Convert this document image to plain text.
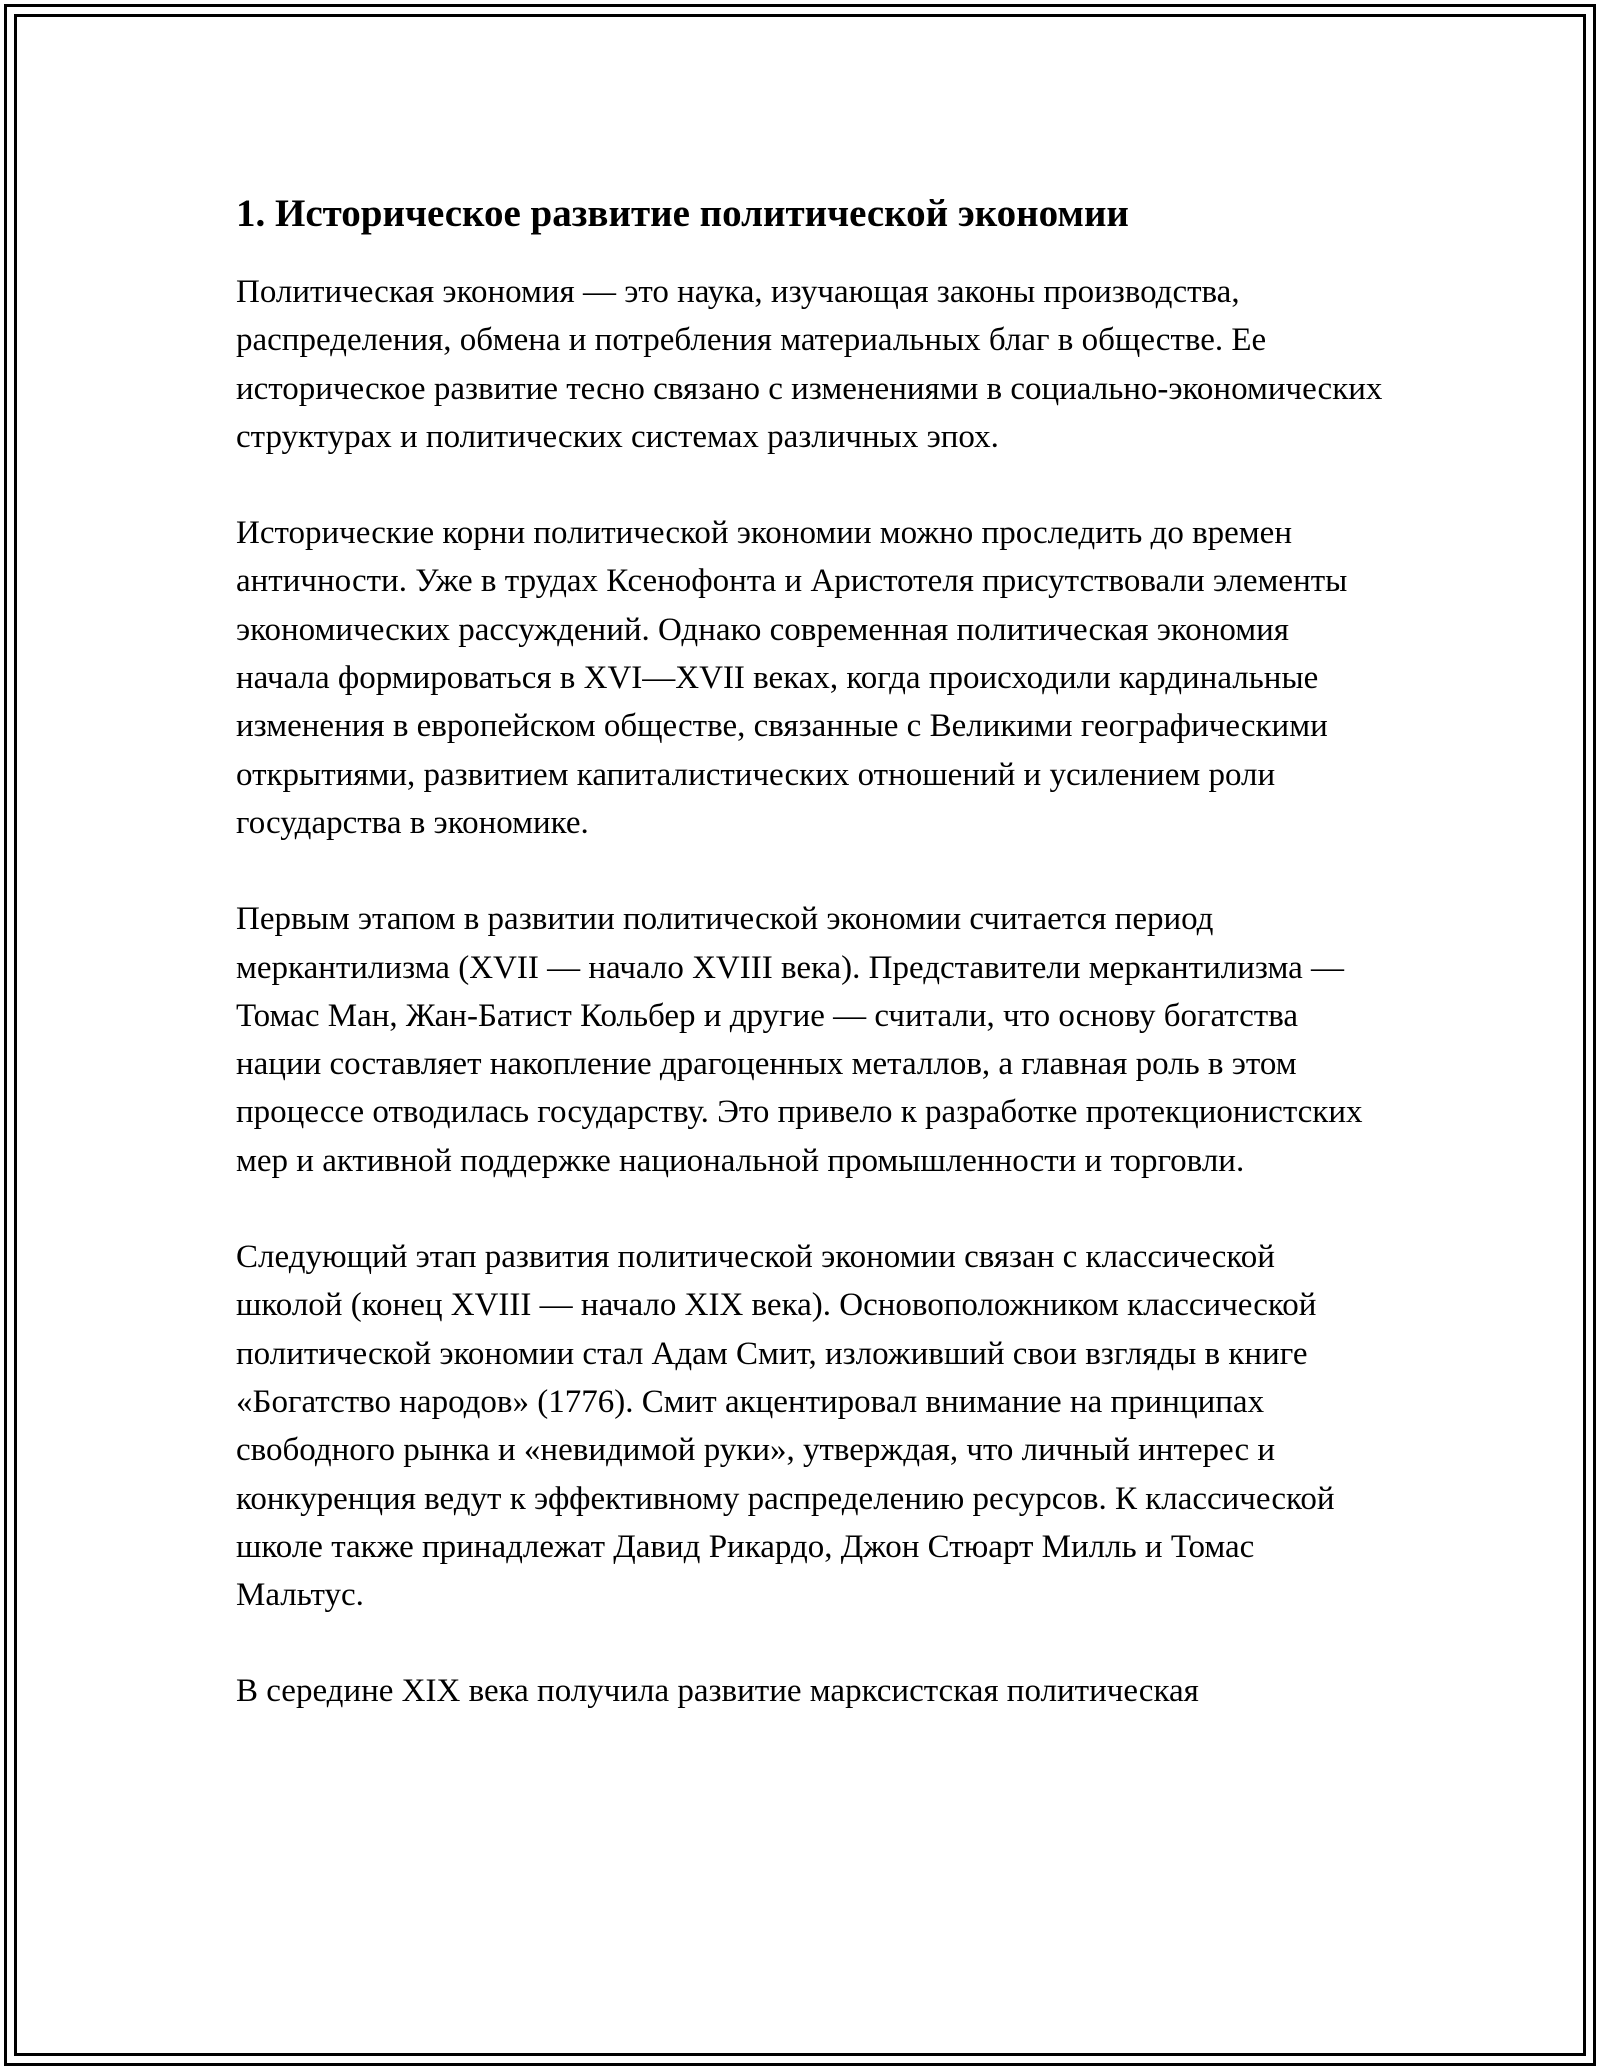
1. Историческое развитие политической экономии

Политическая экономия — это наука, изучающая законы производства, распределения, обмена и потребления материальных благ в обществе. Ее историческое развитие тесно связано с изменениями в социально-экономических структурах и политических системах различных эпох.

Исторические корни политической экономии можно проследить до времен античности. Уже в трудах Ксенофонта и Аристотеля присутствовали элементы экономических рассуждений. Однако современная политическая экономия начала формироваться в XVI—XVII веках, когда происходили кардинальные изменения в европейском обществе, связанные с Великими географическими открытиями, развитием капиталистических отношений и усилением роли государства в экономике.

Первым этапом в развитии политической экономии считается период меркантилизма (XVII — начало XVIII века). Представители меркантилизма — Томас Ман, Жан-Батист Кольбер и другие — считали, что основу богатства нации составляет накопление драгоценных металлов, а главная роль в этом процессе отводилась государству. Это привело к разработке протекционистских мер и активной поддержке национальной промышленности и торговли.

Следующий этап развития политической экономии связан с классической школой (конец XVIII — начало XIX века). Основоположником классической политической экономии стал Адам Смит, изложивший свои взгляды в книге «Богатство народов» (1776). Смит акцентировал внимание на принципах свободного рынка и «невидимой руки», утверждая, что личный интерес и конкуренция ведут к эффективному распределению ресурсов. К классической школе также принадлежат Давид Рикардо, Джон Стюарт Милль и Томас Мальтус.

В середине XIX века получила развитие марксистская политическая
